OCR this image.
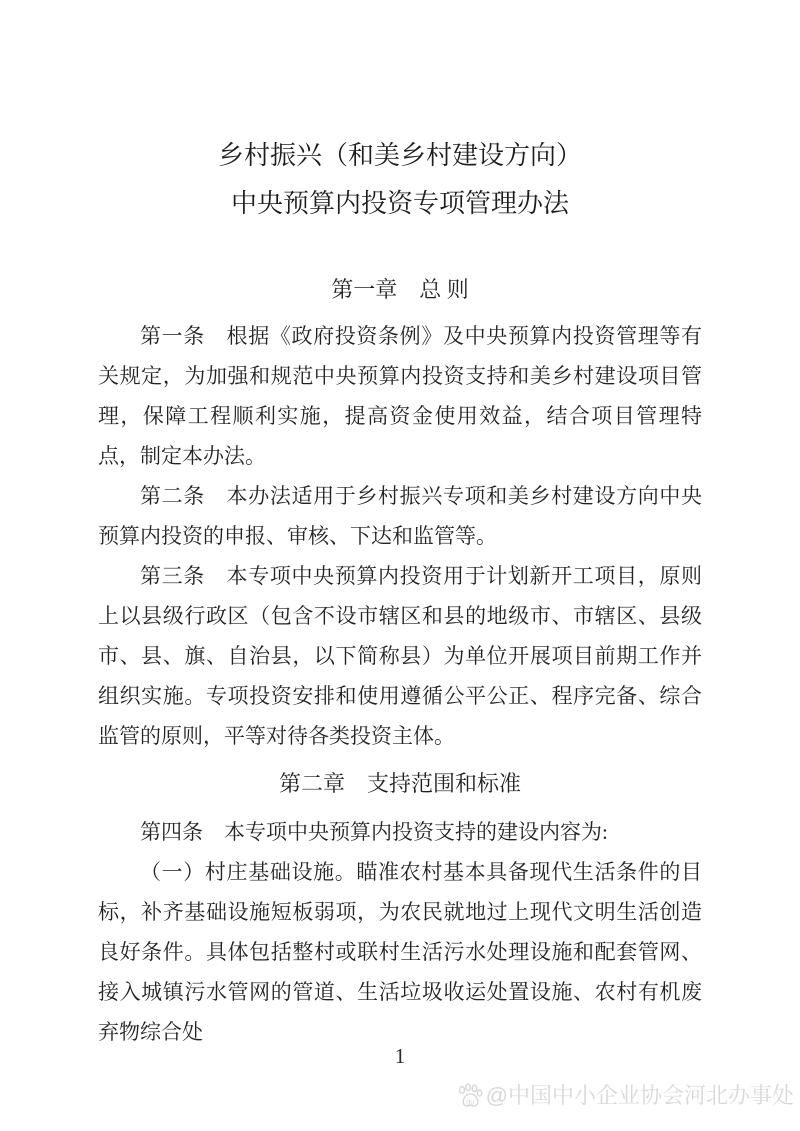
乡村振兴（和美乡村建设方向）
中央预算内投资专项管理办法
第一章　总 则

第一条　根据《政府投资条例》及中央预算内投资管理等有关规定，为加强和规范中央预算内投资支持和美乡村建设项目管理，保障工程顺利实施，提高资金使用效益，结合项目管理特点，制定本办法。

第二条　本办法适用于乡村振兴专项和美乡村建设方向中央预算内投资的申报、审核、下达和监管等。

第三条　本专项中央预算内投资用于计划新开工项目，原则上以县级行政区（包含不设市辖区和县的地级市、市辖区、县级市、县、旗、自治县，以下简称县）为单位开展项目前期工作并组织实施。专项投资安排和使用遵循公平公正、程序完备、综合监管的原则，平等对待各类投资主体。

第二章　支持范围和标准

第四条　本专项中央预算内投资支持的建设内容为:

（一）村庄基础设施。瞄准农村基本具备现代生活条件的目标，补齐基础设施短板弱项，为农民就地过上现代文明生活创造良好条件。具体包括整村或联村生活污水处理设施和配套管网、接入城镇污水管网的管道、生活垃圾收运处置设施、农村有机废弃物综合处

1
du @中国中小企业协会河北办事处
